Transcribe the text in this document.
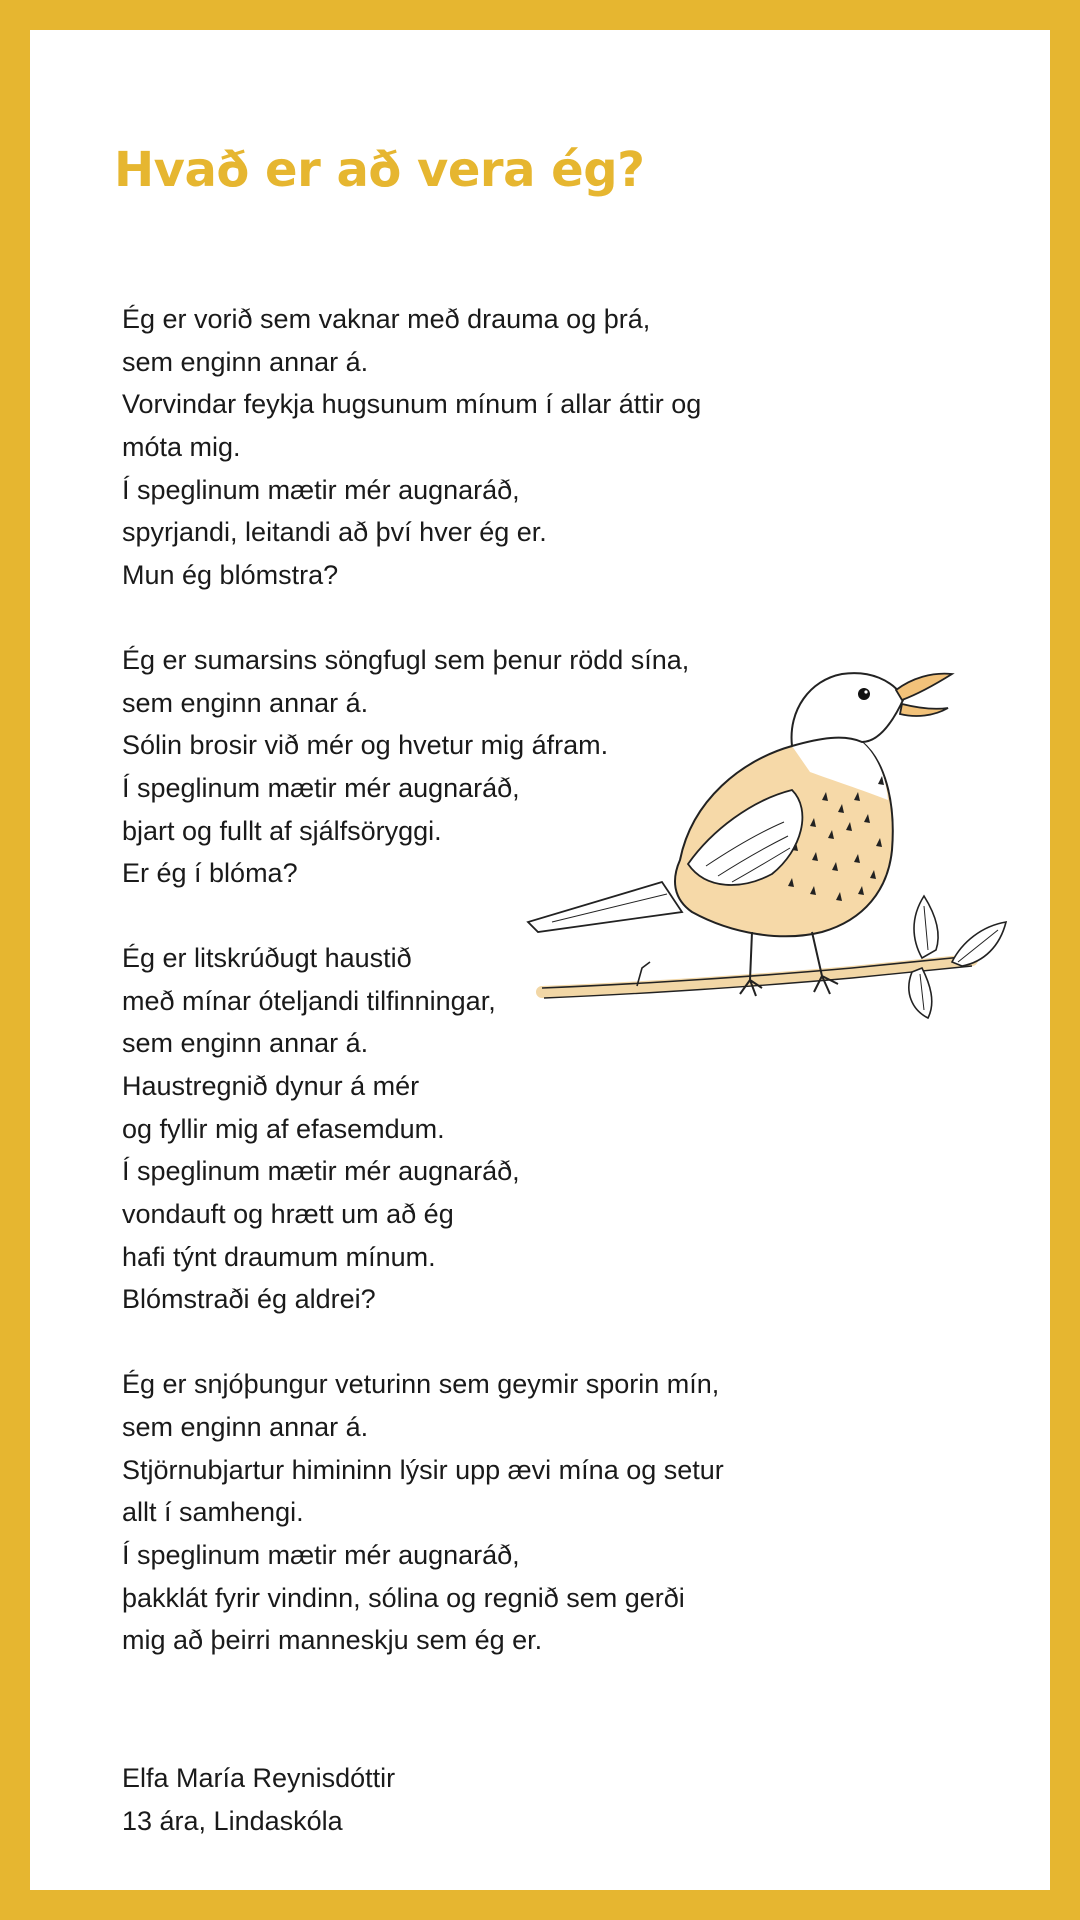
Hvað er að vera ég?
Ég er vorið sem vaknar með drauma og þrá,
sem enginn annar á.
Vorvindar feykja hugsunum mínum í allar áttir og
móta mig.
Í speglinum mætir mér augnaráð,
spyrjandi, leitandi að því hver ég er.
Mun ég blómstra?
Ég er sumarsins söngfugl sem þenur rödd sína,
sem enginn annar á.
Sólin brosir við mér og hvetur mig áfram.
Í speglinum mætir mér augnaráð,
bjart og fullt af sjálfsöryggi.
Er ég í blóma?
Ég er litskrúðugt haustið
með mínar óteljandi tilfinningar,
sem enginn annar á.
Haustregnið dynur á mér
og fyllir mig af efasemdum.
Í speglinum mætir mér augnaráð,
vondauft og hrætt um að ég
hafi týnt draumum mínum.
Blómstraði ég aldrei?
Ég er snjóþungur veturinn sem geymir sporin mín,
sem enginn annar á.
Stjörnubjartur himininn lýsir upp ævi mína og setur
allt í samhengi.
Í speglinum mætir mér augnaráð,
þakklát fyrir vindinn, sólina og regnið sem gerði
mig að þeirri manneskju sem ég er.
Elfa María Reynisdóttir
13 ára, Lindaskóla
